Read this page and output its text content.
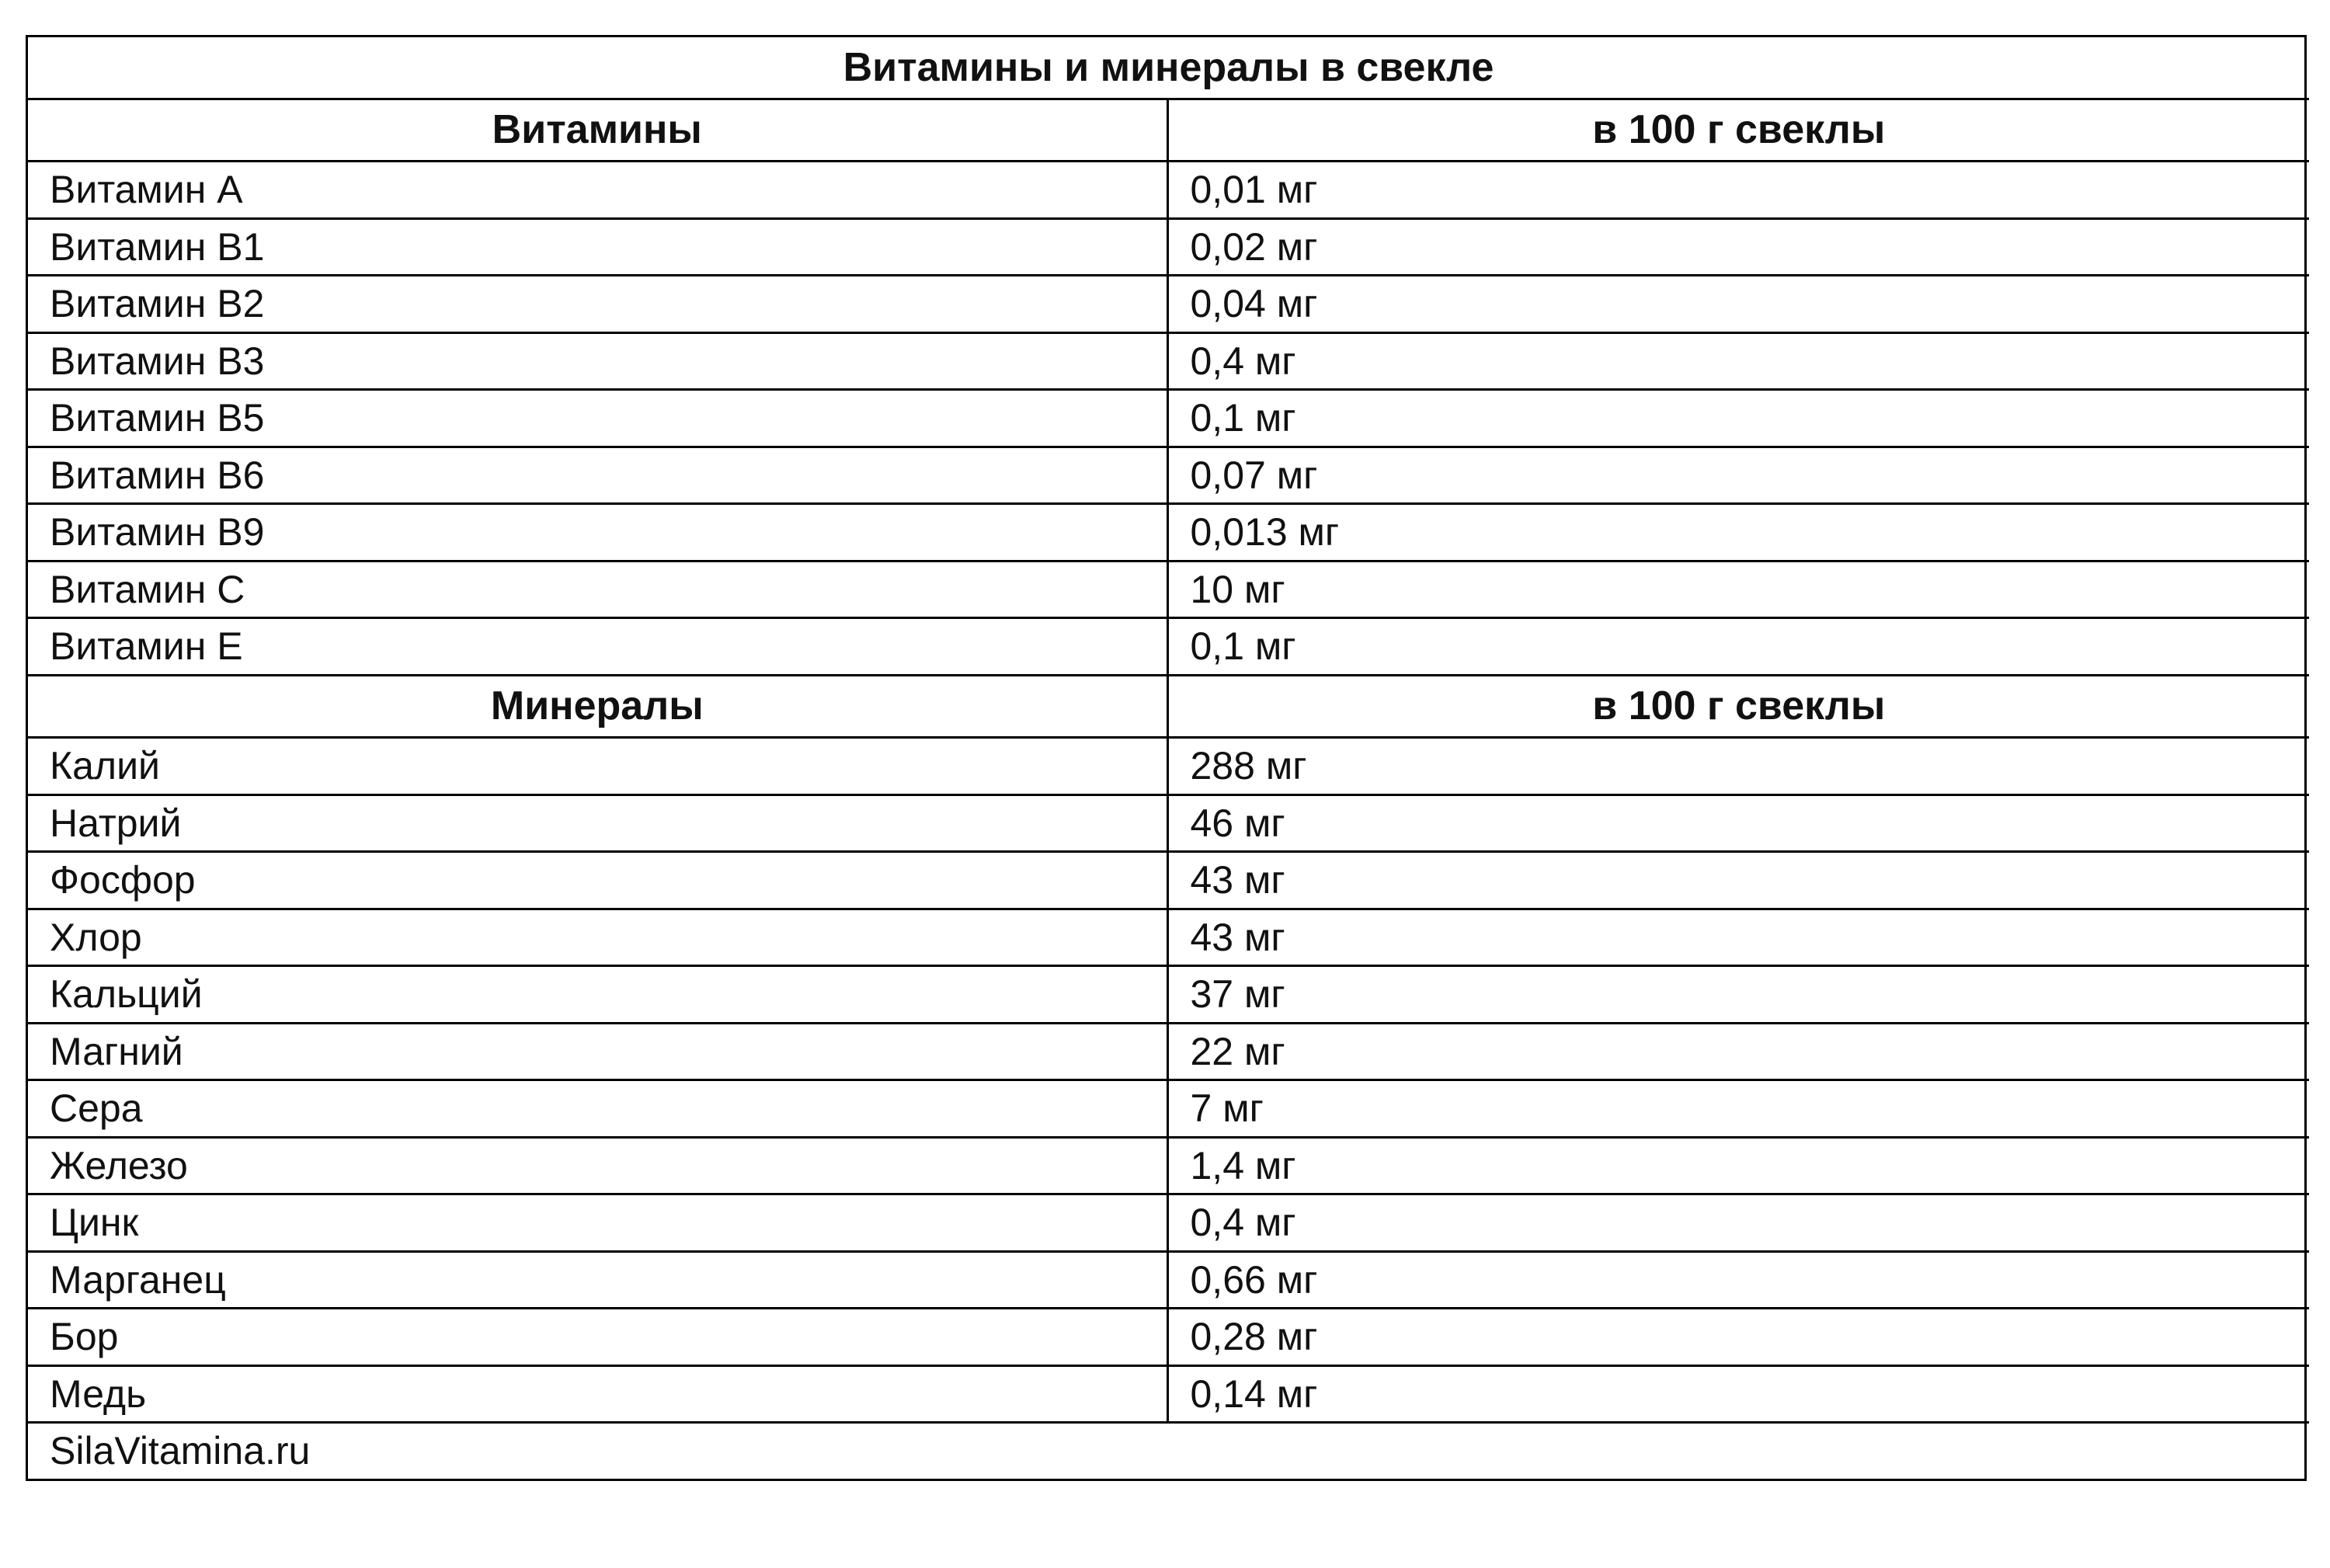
Витамины и минералы в свекле	
Витамины	в 100 г свеклы
Витамин А	0,01 мг
Витамин В1	0,02 мг
Витамин В2	0,04 мг
Витамин В3	0,4 мг
Витамин В5	0,1 мг
Витамин В6	0,07 мг
Витамин В9	0,013 мг
Витамин С	10 мг
Витамин Е	0,1 мг
Минералы	в 100 г свеклы
Калий	288 мг
Натрий	46 мг
Фосфор	43 мг
Хлор	43 мг
Кальций	37 мг
Магний	22 мг
Сера	7 мг
Железо	1,4 мг
Цинк	0,4 мг
Марганец	0,66 мг
Бор	0,28 мг
Медь	0,14 мг
SilaVitamina.ru	
